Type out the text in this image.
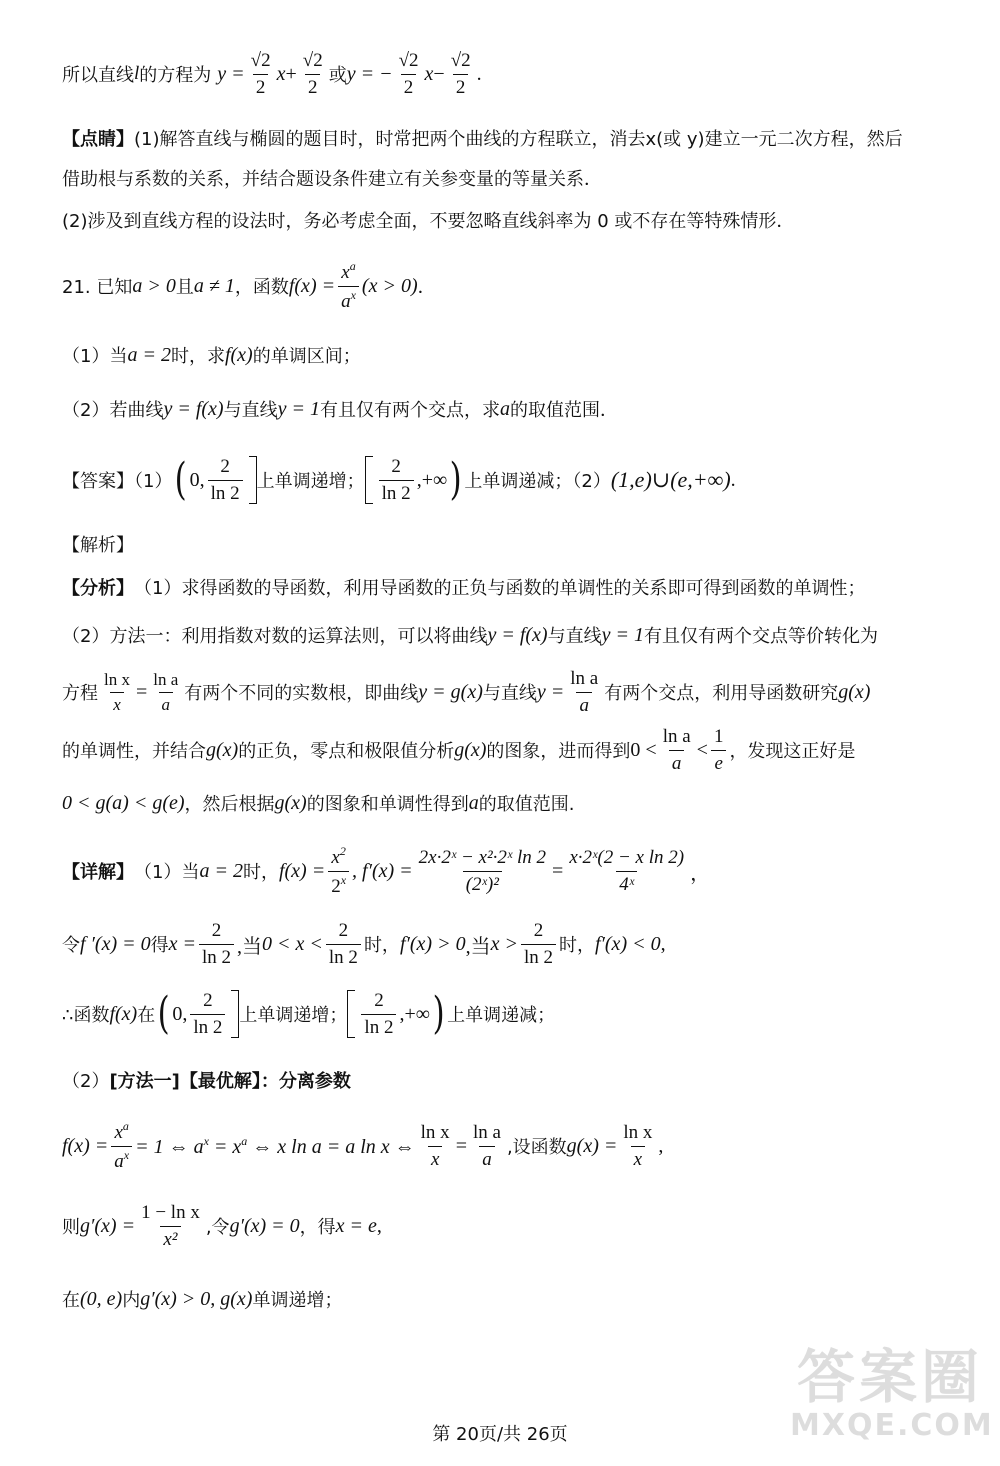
所以直线 l 的方程为 $y = \frac{√2}{2}$ $x + \frac{√2}{2}$ 或 y = − $\frac{√2}{2}$ $x - \frac{√2}{2}$ .
【点睛】 (1)解答直线与椭圆的题目时，时常把两个曲线的方程联立，消去 x(或 y)建立一元二次方程，然后
借助根与系数的关系，并结合题设条件建立有关参变量的等量关系．
(2)涉及到直线方程的设法时，务必考虑全面，不要忽略直线斜率为 0 或不存在等特殊情形．
21. 已知 a > 0 且 a ≠ 1 ，函数 $f(x) = \frac{x^a}{a^x} (x > 0)$ ．
（1）当 a = 2 时，求 f(x) 的单调区间；
（2）若曲线 y = f(x) 与直线 y = 1 有且仅有两个交点，求 a 的取值范围．
【答案】（1） ( 0, $\frac{2}{\ln 2}$ 上单调递增； $\frac{2}{\ln 2}$ ,+∞ ) 上单调递减；（2） (1,e)∪(e,+∞) .
【解析】
【分析】 （1）求得函数的导函数，利用导函数的正负与函数的单调性的关系即可得到函数的单调性；
（2）方法一：利用指数对数的运算法则，可以将曲线 y = f(x) 与直线 y = 1 有且仅有两个交点等价转化为
方程 $\frac{\text{ln x}}{x} = \frac{\text{ln a}}{a}$ 有两个不同的实数根，即曲线 y = g(x) 与直线 $y = \frac{\text{ln a}}{a}$ 有两个交点，利用导函数研究 g(x)
的单调性，并结合 g(x) 的正负，零点和极限值分析 g(x) 的图象，进而得到 $0 < \frac{\text{ln a}}{a} < \frac{1}{e}$ ，发现这正好是
0 < g(a) < g(e) ，然后根据 g(x) 的图象和单调性得到 a 的取值范围.
【详解】 （1）当 a = 2 时， $f(x) = \frac{x^2}{2^x}$ , $f'(x) = \frac{\text{2x·2ˣ − x²·2ˣ ln 2}}{\text{(2ˣ)²}} = \frac{\text{x·2ˣ(2 − x ln 2)}}{\text{4ˣ}}$ ，
令 f ′(x) = 0 得 $x = \frac{2}{\ln 2}$ ,当 $0 < x < \frac{2}{\ln 2}$ 时， f′(x) > 0 ,当 $x > \frac{2}{\ln 2}$ 时， f′(x) < 0 ,
∴函数 f(x) 在 ( 0, $\frac{2}{\ln 2}$ 上单调递增； $\frac{2}{\ln 2}$ ,+∞ ) 上单调递减；
（2） [方法一]【最优解】：分离参数
$f(x) = \frac{x^a}{a^x} = 1$ ⇔ $a^x = x^a$ ⇔ x ln a = a ln x ⇔ $\frac{\text{ln x}}{x} = \frac{\text{ln a}}{a}$ ,设函数 $g(x) = \frac{\text{ln x}}{x}$ ,
则 $g'(x) = \frac{\text{1 − ln x}}{\text{x²}}$ ,令 g′(x) = 0 ，得 x = e ,
在 (0, e) 内 g′(x) > 0, g(x) 单调递增；
答案圈
MXQE.COM
第 20页/共 26页
